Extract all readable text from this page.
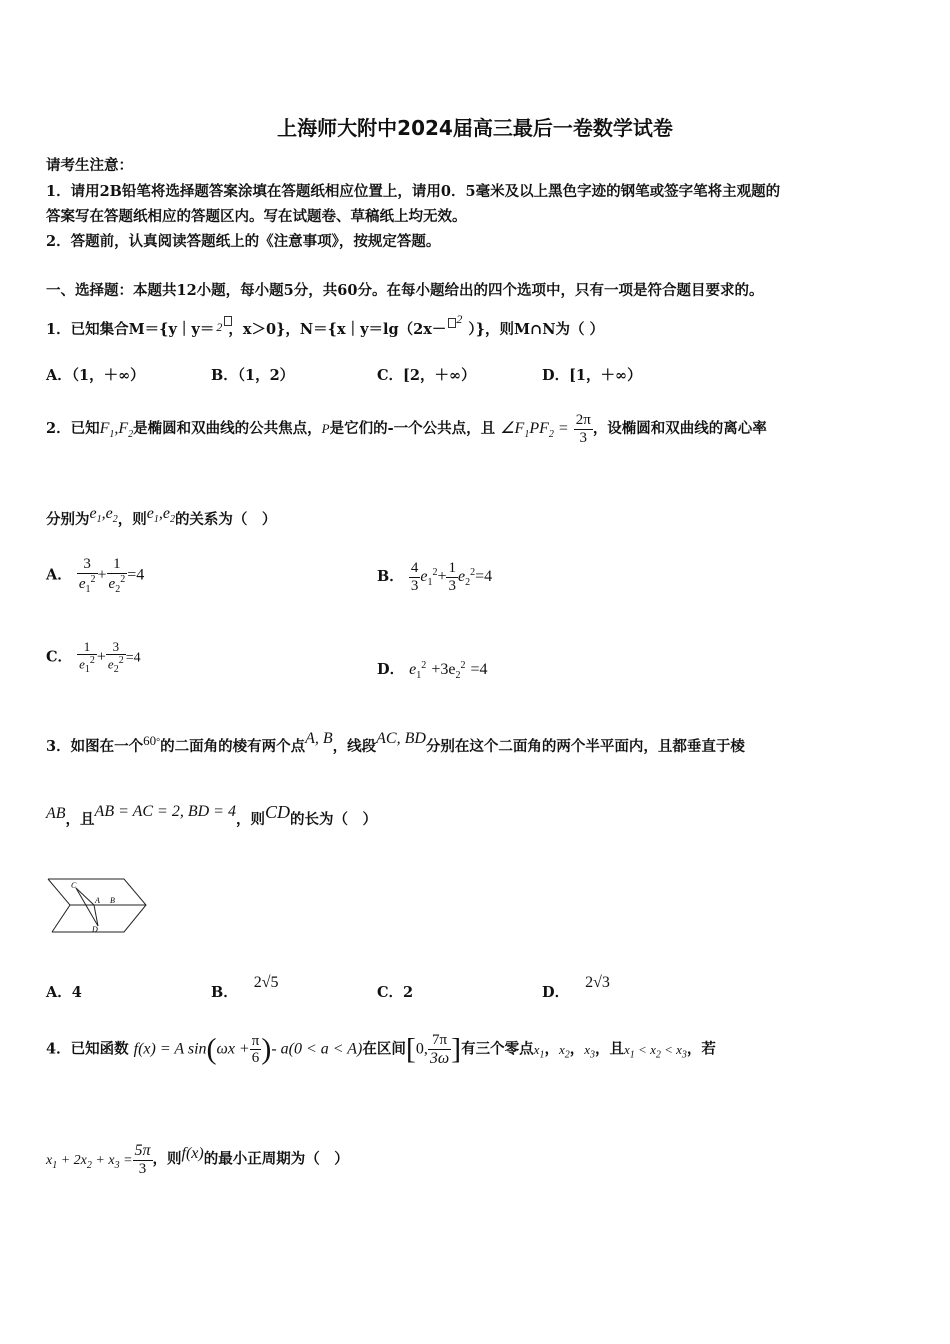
上海师大附中2024届高三最后一卷数学试卷
请考生注意：
1．请用2B铅笔将选择题答案涂填在答题纸相应位置上，请用0．5毫米及以上黑色字迹的钢笔或签字笔将主观题的
答案写在答题纸相应的答题区内。写在试题卷、草稿纸上均无效。
2．答题前，认真阅读答题纸上的《注意事项》，按规定答题。
一、选择题：本题共12小题，每小题5分，共60分。在每小题给出的四个选项中，只有一项是符合题目要求的。
1．已知集合M＝{y｜y＝ 2 ，x＞0}，N＝{x｜y＝lg（2x－
2
）}，则M∩N为（ ）
A．（1，＋∞）	B．（1，2）	C．[2，＋∞）	D．[1，＋∞）
2．已知$F_1,F_2$是椭圆和双曲线的公共焦点，P是它们的-一个公共点，且 $\angle F_1PF_2 = \frac{2\pi}{3}$ ，设椭圆和双曲线的离心率
分别为$e_1,e_2$，则$e_1,e_2$的关系为（　）
A． $\frac{3}{e_1^2} + \frac{1}{e_2^2} =4$	B． $\frac{4}{3} e_1^2+ \frac{1}{3} e_2^2=4$
C． $\frac{1}{e_1^2} + \frac{3}{e_2^2} =4$
D． $e_1^2 +3e_2^2 =4$
3．如图在一个60°的二面角的棱有两个点A, B，线段AC, BD分别在这个二面角的两个半平面内，且都垂直于棱
AB，且AB = AC = 2, BD = 4，则CD的长为（　）
C
A B
D
A．4	B．2√5
C．2	D．2√3
4．已知函数 f(x) = A $\sin(\omega x + \frac{\pi}{6}$ )- a(0 < a < A)在区间[0, $\frac{7\pi}{3\omega}$ ]有三个零点$x_1$，$x_2$，$x_3$，且$x_1 < x_2 < x_3$，若
$x_1 + 2x_2 + x_3 = \frac{5\pi}{3}$ ，则f(x)的最小正周期为（　）
